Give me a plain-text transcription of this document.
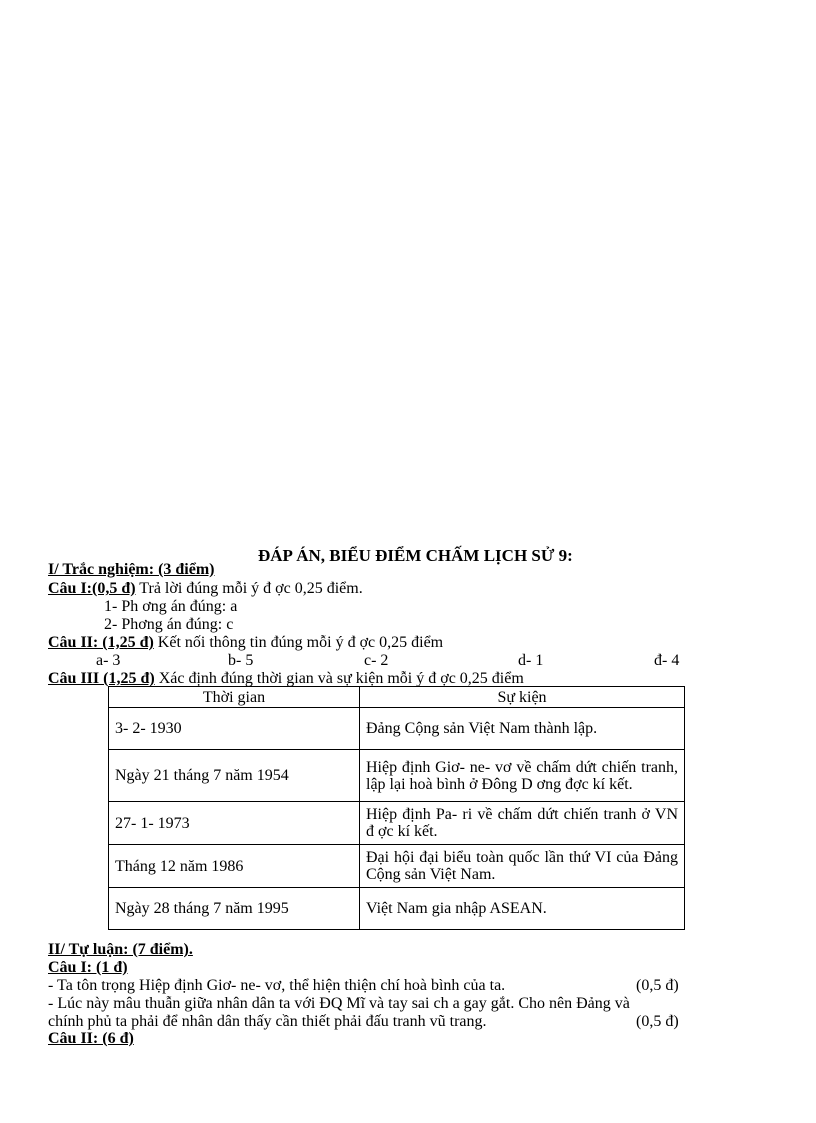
ĐÁP ÁN, BIỂU ĐIỂM CHẤM LỊCH SỬ 9:
I/ Trắc nghiệm: (3 điểm)
Câu I:(0,5 đ) Trả lời đúng mỗi ý đ ợc 0,25 điểm.
1- Ph ơng án đúng: a
2- Phơng án đúng: c
Câu II: (1,25 đ) Kết nối thông tin đúng mỗi ý đ ợc 0,25 điểm
a- 3	b- 5	c- 2	d- 1	đ- 4
Câu III (1,25 đ) Xác định đúng thời gian và sự kiện mỗi ý đ ợc 0,25 điểm
Thời gian	Sự kiện
3- 2- 1930	Đảng Cộng sản Việt Nam thành lập.
Ngày 21 tháng 7 năm 1954	Hiệp định Giơ- ne- vơ về chấm dứt chiến tranh, lập lại hoà bình ở Đông D ơng đợc kí kết.
27- 1- 1973	Hiệp định Pa- ri về chấm dứt chiến tranh ở VN đ ợc kí kết.
Tháng 12 năm 1986	Đại hội đại biểu toàn quốc lần thứ VI của Đảng Cộng sản Việt Nam.
Ngày 28 tháng 7 năm 1995	Việt Nam gia nhập ASEAN.
II/ Tự luận: (7 điểm).
Câu I: (1 đ)
- Ta tôn trọng Hiệp định Giơ- ne- vơ, thể hiện thiện chí hoà bình của ta.	(0,5 đ)
- Lúc này mâu thuẫn giữa nhân dân ta với ĐQ Mĩ và tay sai ch a gay gắt. Cho nên Đảng và
chính phủ ta phải để nhân dân thấy cần thiết phải đấu tranh vũ trang.	(0,5 đ)
Câu II: (6 đ)
